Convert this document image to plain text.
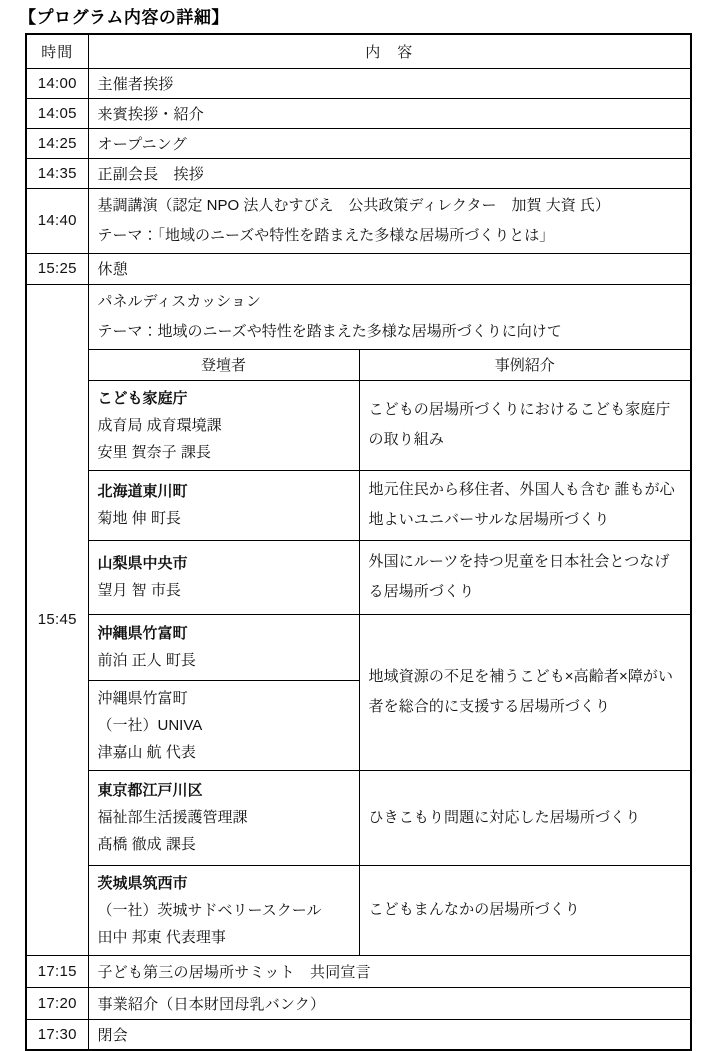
【プログラム内容の詳細】
時間	内　容	
14:00	主催者挨拶	
14:05	来賓挨拶・紹介	
14:25	オープニング	
14:35	正副会長　挨拶	
14:40	基調講演（認定 NPO 法人むすびえ　公共政策ディレクター　加賀 大資 氏）
テーマ：「地域のニーズや特性を踏まえた多様な居場所づくりとは」	

15:25	休憩	
15:45	パネルディスカッション
テーマ：地域のニーズや特性を踏まえた多様な居場所づくりに向けて	

	登壇者	事例紹介

	こども家庭庁
成育局 成育環境課
安里 賀奈子 課長	こどもの居場所づくりにおけるこども家庭庁の取り組み

	北海道東川町
菊地 伸 町長	地元住民から移住者、外国人も含む 誰もが心地よいユニバーサルな居場所づくり

	山梨県中央市
望月 智 市長	外国にルーツを持つ児童を日本社会とつなげる居場所づくり

	沖縄県竹富町
前泊 正人 町長	地域資源の不足を補うこども×高齢者×障がい者を総合的に支援する居場所づくり

	沖縄県竹富町
（一社）UNIVA
津嘉山 航 代表	

	東京都江戸川区
福祉部生活援護管理課
髙橋 徹成 課長	ひきこもり問題に対応した居場所づくり

	茨城県筑西市
（一社）茨城サドベリースクール
田中 邦東 代表理事	こどもまんなかの居場所づくり
17:15	子ども第三の居場所サミット　共同宣言	
17:20	事業紹介（日本財団母乳バンク）	
17:30	閉会	
